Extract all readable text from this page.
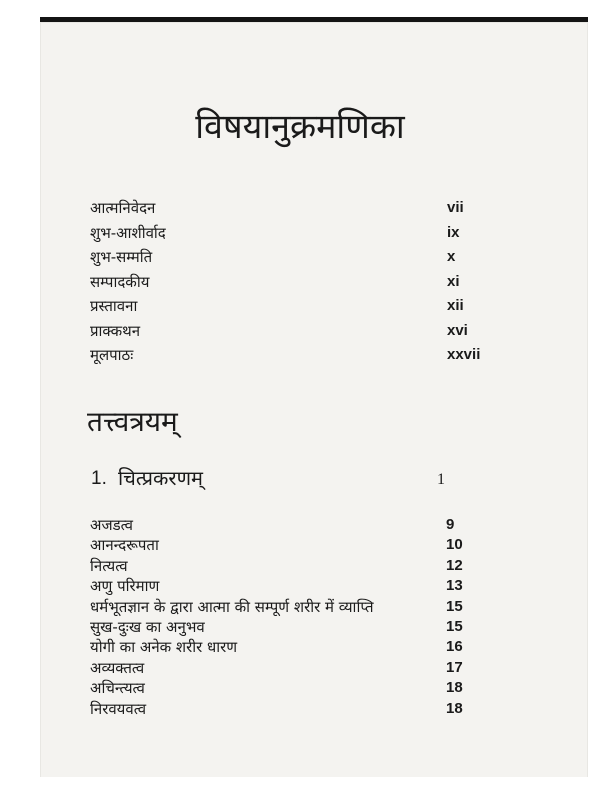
विषयानुक्रमणिका
आत्मनिवेदन	vii
शुभ-आशीर्वाद	ix
शुभ-सम्मति	x
सम्पादकीय	xi
प्रस्तावना	xii
प्राक्कथन	xvi
मूलपाठः	xxvii
तत्त्वत्रयम्
1. चित्प्रकरणम्	1
अजडत्व	9
आनन्दरूपता	10
नित्यत्व	12
अणु परिमाण	13
धर्मभूतज्ञान के द्वारा आत्मा की सम्पूर्ण शरीर में व्याप्ति	15
सुख-दुःख का अनुभव	15
योगी का अनेक शरीर धारण	16
अव्यक्तत्व	17
अचिन्त्यत्व	18
निरवयवत्व	18
